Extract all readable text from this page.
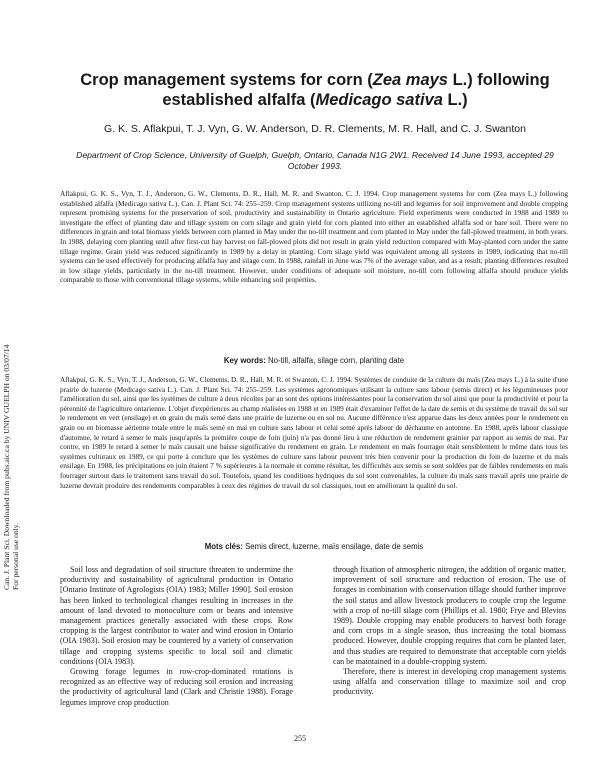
Can. J. Plant Sci. Downloaded from pubs.aic.ca by UNIV GUELPH on 03/07/14 For personal use only.
Crop management systems for corn (Zea mays L.) following established alfalfa (Medicago sativa L.)
G. K. S. Aflakpui, T. J. Vyn, G. W. Anderson, D. R. Clements, M. R. Hall, and C. J. Swanton
Department of Crop Science, University of Guelph, Guelph, Ontario, Canada N1G 2W1. Received 14 June 1993, accepted 29 October 1993.
Aflakpui, G. K. S., Vyn, T. J., Anderson, G. W., Clements, D. R., Hall, M. R. and Swanton, C. J. 1994. Crop management systems for corn (Zea mays L.) following established alfalfa (Medicago sativa L.). Can. J. Plant Sci. 74: 255–259. Crop management systems utilizing no-till and legumes for soil improvement and double cropping represent promising systems for the preservation of soil, productivity and sustainability in Ontario agriculture. Field experiments were conducted in 1988 and 1989 to investigate the effect of planting date and tillage system on corn silage and grain yield for corn planted into either an established alfalfa sod or bare soil. There were no differences in grain and total biomass yields between corn planted in May under the no-till treatment and corn planted in May under the fall-plowed treatment, in both years. In 1988, delaying corn planting until after first-cut hay harvest on fall-plowed plots did not result in grain yield reduction compared with May-planted corn under the same tillage regime. Grain yield was reduced significantly in 1989 by a delay in planting. Corn silage yield was equivalent among all systems in 1989, indicating that no-till systems can be used effectively for producing alfalfa hay and silage corn. In 1988, rainfall in June was 7% of the average value, and as a result, planting differences resulted in low silage yields, particularly in the no-till treatment. However, under conditions of adequate soil moisture, no-till corn following alfalfa should produce yields comparable to those with conventional tillage systems, while enhancing soil properties.
Key words: No-till, alfalfa, silage corn, planting date
Aflakpui, G. K. S., Vyn, T. J., Anderson, G. W., Clements, D. R., Hall, M. R. et Swanton, C. J. 1994. Systèmes de conduite de la culture du maïs (Zea mays L.) à la suite d'une prairie de luzerne (Medicago sativa L.). Can. J. Plant Sci. 74: 255–259. Les systèmes agronomiques utilisant la culture sans labour (semis direct) et les légumineuses pour l'amélioration du sol, ainsi que les systèmes de culture à deux récoltes par an sont des options intéressantes pour la conservation du sol ainsi que pour la productivité et pour la pérennité de l'agriculture ontarienne. L'objet d'expériences au champ réalisées en 1988 et en 1989 était d'examiner l'effet de la date de semis et du système de travail du sol sur le rendement en vert (ensilage) et en grain du maïs semé dans une prairie de luzerne ou en sol nu. Aucune différence n'est apparue dans les deux années pour le rendement en grain ou en biomasse aérienne totale entre le maïs semé en mai en culture sans labour et celui semé après labour de déchaume en automne. En 1988, après labour classique d'automne, le retard à semer le maïs jusqu'après la première coupe de foin (juin) n'a pas donné lieu à une réduction de rendement grainier par rapport au semis de mai. Par contre, en 1989 le retard à semer le maïs causait une baisse significative du rendement en grain. Le rendement en maïs fourrager était sensiblement le même dans tous les systèmes culturaux en 1989, ce qui porte à conclure que les systèmes de culture sans labour peuvent très bien convenir pour la production du foin de luzerne et du maïs ensilage. En 1988, les précipitations en juin étaient 7 % supérieures à la normale et comme résultat, les difficultés aux semis se sont soldées par de faibles rendements en maïs fourrager surtout dans le traitement sans travail du sol. Toutefois, quand les conditions hydriques du sol sont convenables, la culture du maïs sans travail après une prairie de luzerne devrait produire des rendements comparables à ceux des régimes de travail du sol classiques, tout en améliorant la qualité du sol.
Mots clés: Semis direct, luzerne, maïs ensilage, date de semis

Soil loss and degradation of soil structure threaten to undermine the productivity and sustainability of agricultural production in Ontario [Ontario Institute of Agrologists (OIA) 1983; Miller 1990]. Soil erosion has been linked to technological changes resulting in increases in the amount of land devoted to monoculture corn or beans and intensive management practices generally associated with these crops. Row cropping is the largest contributor to water and wind erosion in Ontario (OIA 1983). Soil erosion may be countered by a variety of conservation tillage and cropping systems specific to local soil and climatic conditions (OIA 1983).

Growing forage legumes in row-crop-dominated rotations is recognized as an effective way of reducing soil erosion and increasing the productivity of agricultural land (Clark and Christie 1988). Forage legumes improve crop production

through fixation of atmospheric nitrogen, the addition of organic matter, improvement of soil structure and reduction of erosion. The use of forages in combination with conservation tillage should further improve the soil status and allow livestock producers to couple crop the legume with a crop of no-till silage corn (Phillips et al. 1980; Frye and Blevins 1989). Double cropping may enable producers to harvest both forage and corn crops in a single season, thus increasing the total biomass produced. However, double cropping requires that corn be planted later, and thus studies are required to demonstrate that acceptable corn yields can be maintained in a double-cropping system.

Therefore, there is interest in developing crop management systems using alfalfa and conservation tillage to maximize soil and crop productivity.

255
